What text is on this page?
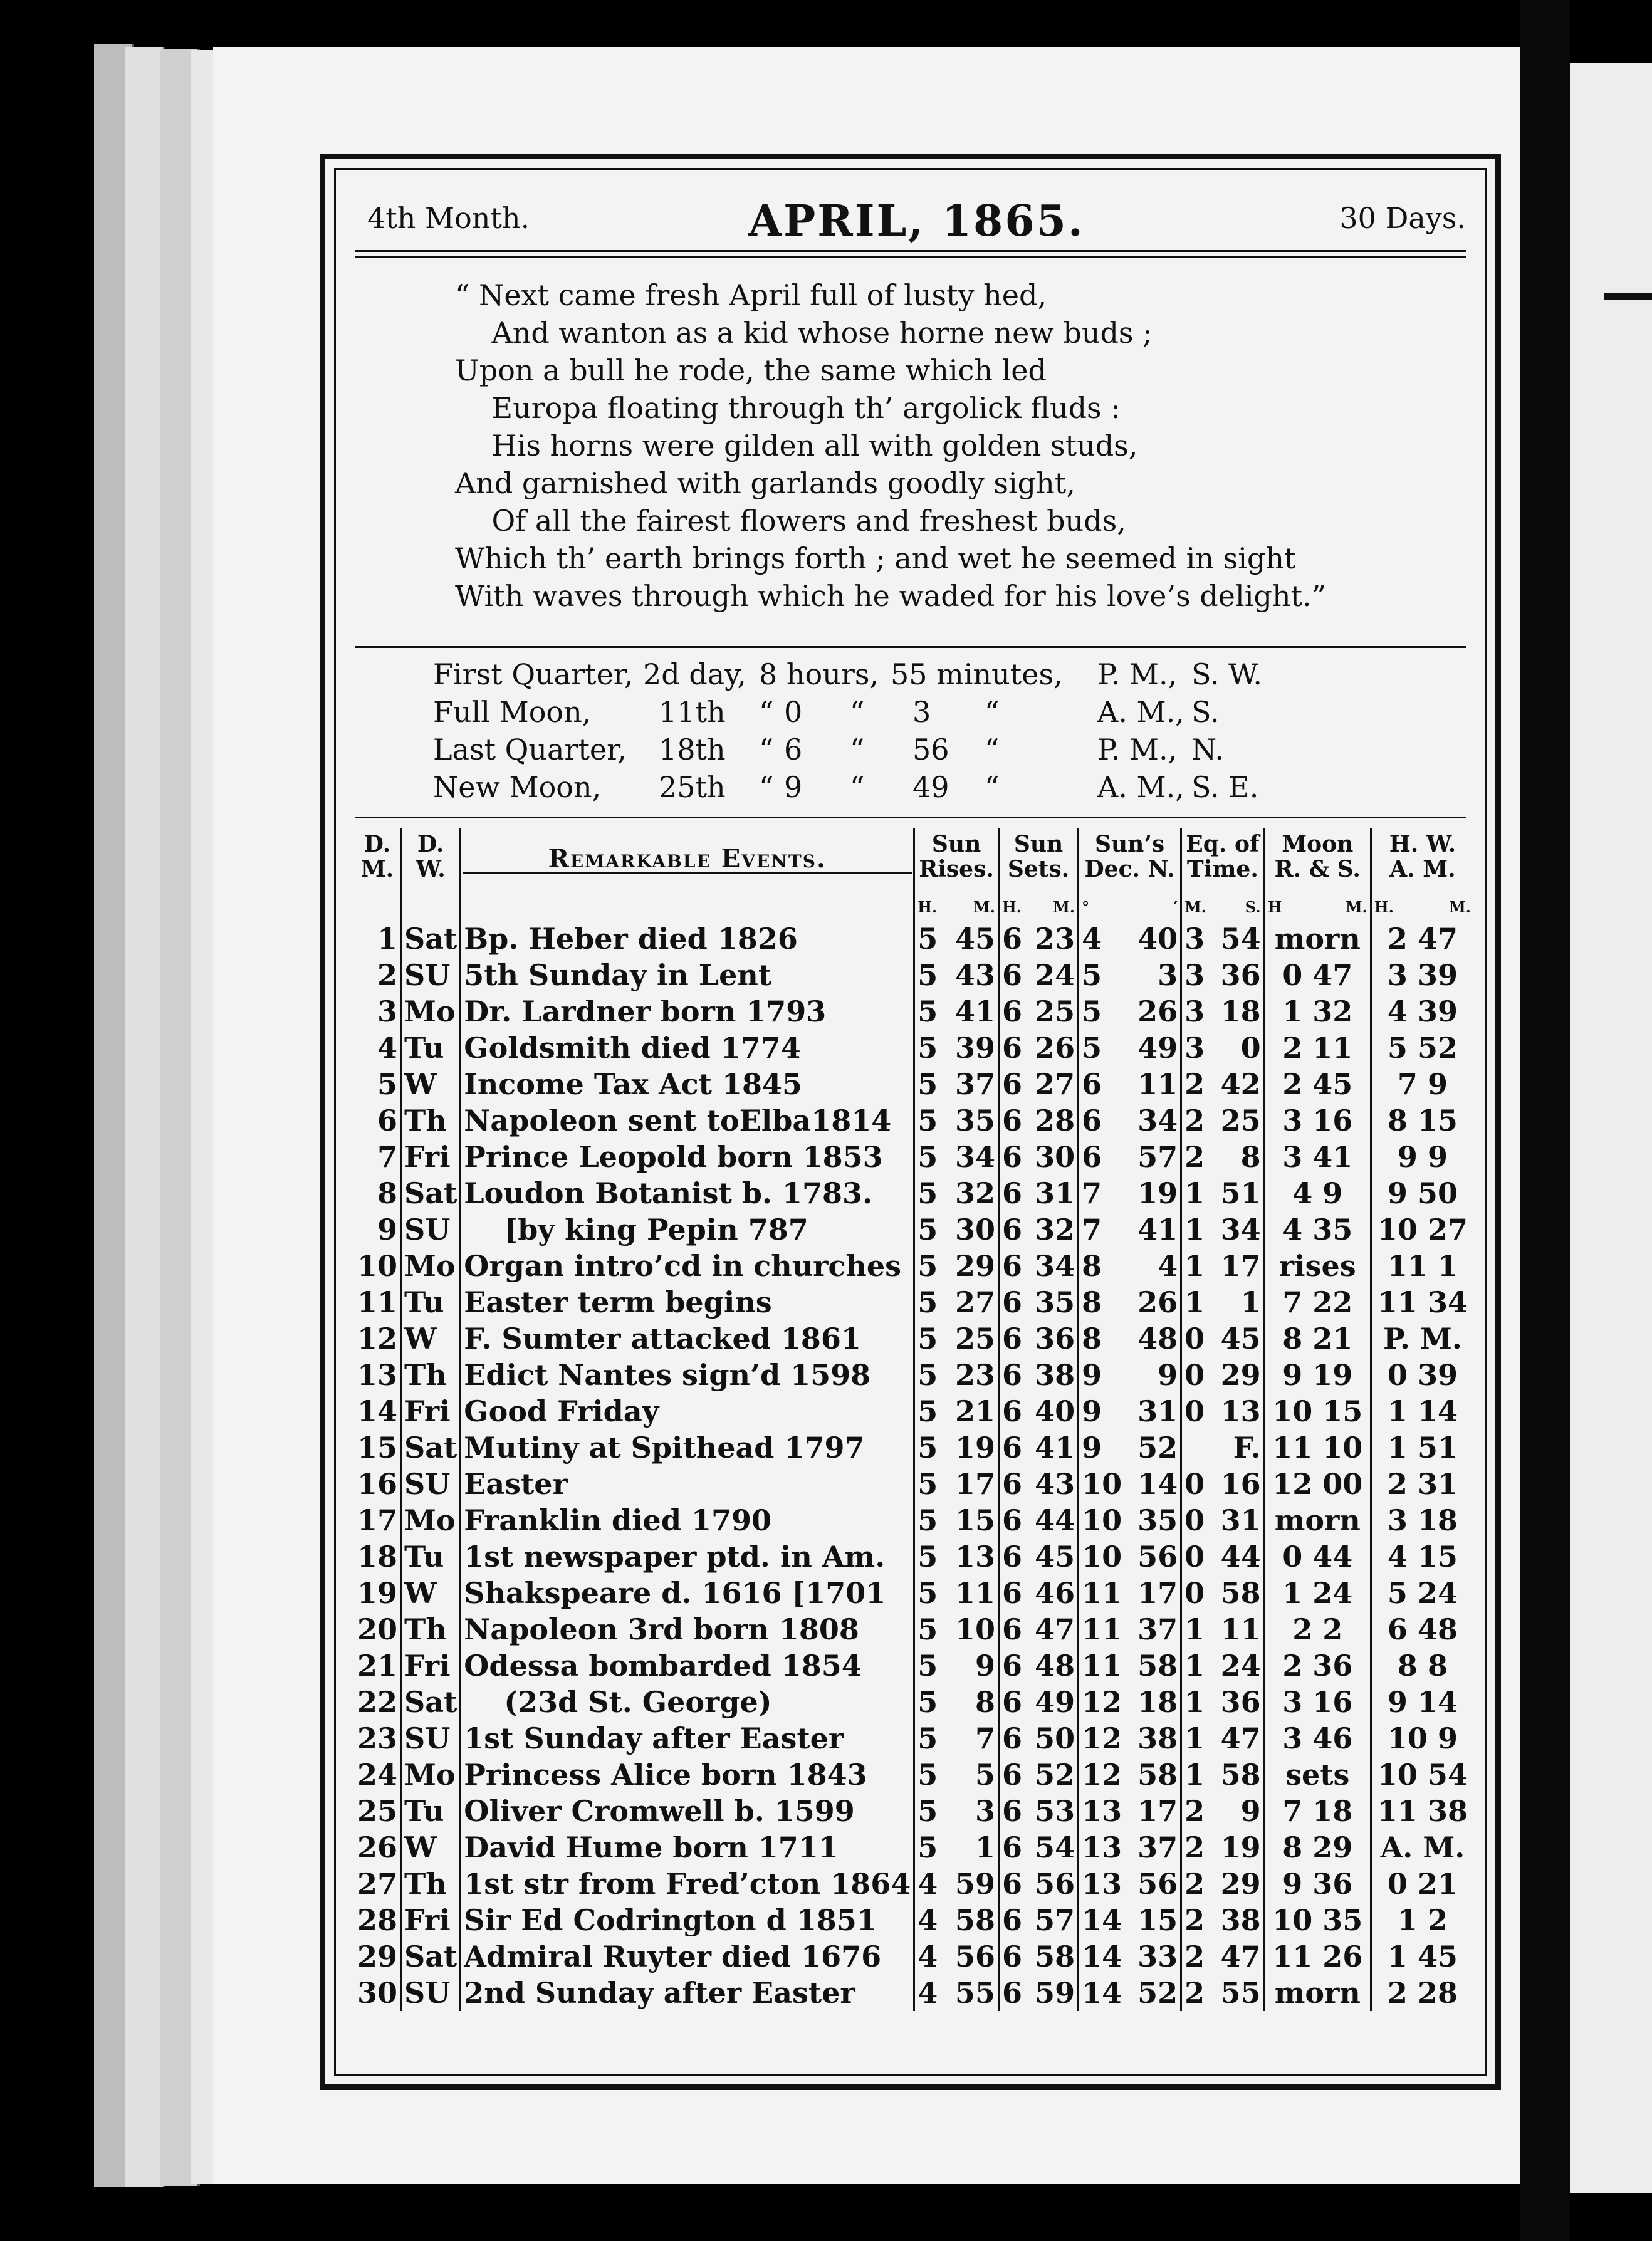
4th Month.	APRIL, 1865.	30 Days.
“ Next came fresh April full of lusty hed,
And wanton as a kid whose horne new buds ;
Upon a bull he rode, the same which led
Europa floating through th’ argolick fluds :
His horns were gilden all with golden studs,
And garnished with garlands goodly sight,
Of all the fairest flowers and freshest buds,
Which th’ earth brings forth ; and wet he seemed in sight
With waves through which he waded for his love’s delight.”
First Quarter, 2d day, 8 hours, 55 minutes, P. M., S. W.
Full Moon, 11th “ 0 “ 3 “	A. M., S.
Last Quarter, 18th “ 6 “ 56 “	P. M., N.
New Moon, 25th “ 9 “ 49 “	A. M., S. E.
D. M.	D. W.	Remarkable Events.	Sun Rises.	Sun Sets.	Sun’s Dec. N.	Eq. of Time.	Moon R. & S.	H. W. A. M.

			H. M.	H. M.	° ′	M. S.	H M.	H. M.

1	Sat	Bp. Heber died 1826	5 45	6 23	4 40	3 54	morn	2 47
2	SU	5th Sunday in Lent	5 43	6 24	5 3	3 36	0 47	3 39
3	Mo	Dr. Lardner born 1793	5 41	6 25	5 26	3 18	1 32	4 39
4	Tu	Goldsmith died 1774	5 39	6 26	5 49	3 0	2 11	5 52
5	W	Income Tax Act 1845	5 37	6 27	6 11	2 42	2 45	7 9
6	Th	Napoleon sent toElba1814	5 35	6 28	6 34	2 25	3 16	8 15
7	Fri	Prince Leopold born 1853	5 34	6 30	6 57	2 8	3 41	9 9
8	Sat	Loudon Botanist b. 1783.	5 32	6 31	7 19	1 51	4 9	9 50
9	SU	[by king Pepin 787	5 30	6 32	7 41	1 34	4 35	10 27
10	Mo	Organ intro’cd in churches	5 29	6 34	8 4	1 17	rises	11 1
11	Tu	Easter term begins	5 27	6 35	8 26	1 1	7 22	11 34
12	W	F. Sumter attacked 1861	5 25	6 36	8 48	0 45	8 21	P. M.
13	Th	Edict Nantes sign’d 1598	5 23	6 38	9 9	0 29	9 19	0 39
14	Fri	Good Friday	5 21	6 40	9 31	0 13	10 15	1 14
15	Sat	Mutiny at Spithead 1797	5 19	6 41	9 52	F.	11 10	1 51
16	SU	Easter	5 17	6 43	10 14	0 16	12 00	2 31
17	Mo	Franklin died 1790	5 15	6 44	10 35	0 31	morn	3 18
18	Tu	1st newspaper ptd. in Am.	5 13	6 45	10 56	0 44	0 44	4 15
19	W	Shakspeare d. 1616 [1701	5 11	6 46	11 17	0 58	1 24	5 24
20	Th	Napoleon 3rd born 1808	5 10	6 47	11 37	1 11	2 2	6 48
21	Fri	Odessa bombarded 1854	5 9	6 48	11 58	1 24	2 36	8 8
22	Sat	(23d St. George)	5 8	6 49	12 18	1 36	3 16	9 14
23	SU	1st Sunday after Easter	5 7	6 50	12 38	1 47	3 46	10 9
24	Mo	Princess Alice born 1843	5 5	6 52	12 58	1 58	sets	10 54
25	Tu	Oliver Cromwell b. 1599	5 3	6 53	13 17	2 9	7 18	11 38
26	W	David Hume born 1711	5 1	6 54	13 37	2 19	8 29	A. M.
27	Th	1st str from Fred’cton 1864	4 59	6 56	13 56	2 29	9 36	0 21
28	Fri	Sir Ed Codrington d 1851	4 58	6 57	14 15	2 38	10 35	1 2
29	Sat	Admiral Ruyter died 1676	4 56	6 58	14 33	2 47	11 26	1 45
30	SU	2nd Sunday after Easter	4 55	6 59	14 52	2 55	morn	2 28
